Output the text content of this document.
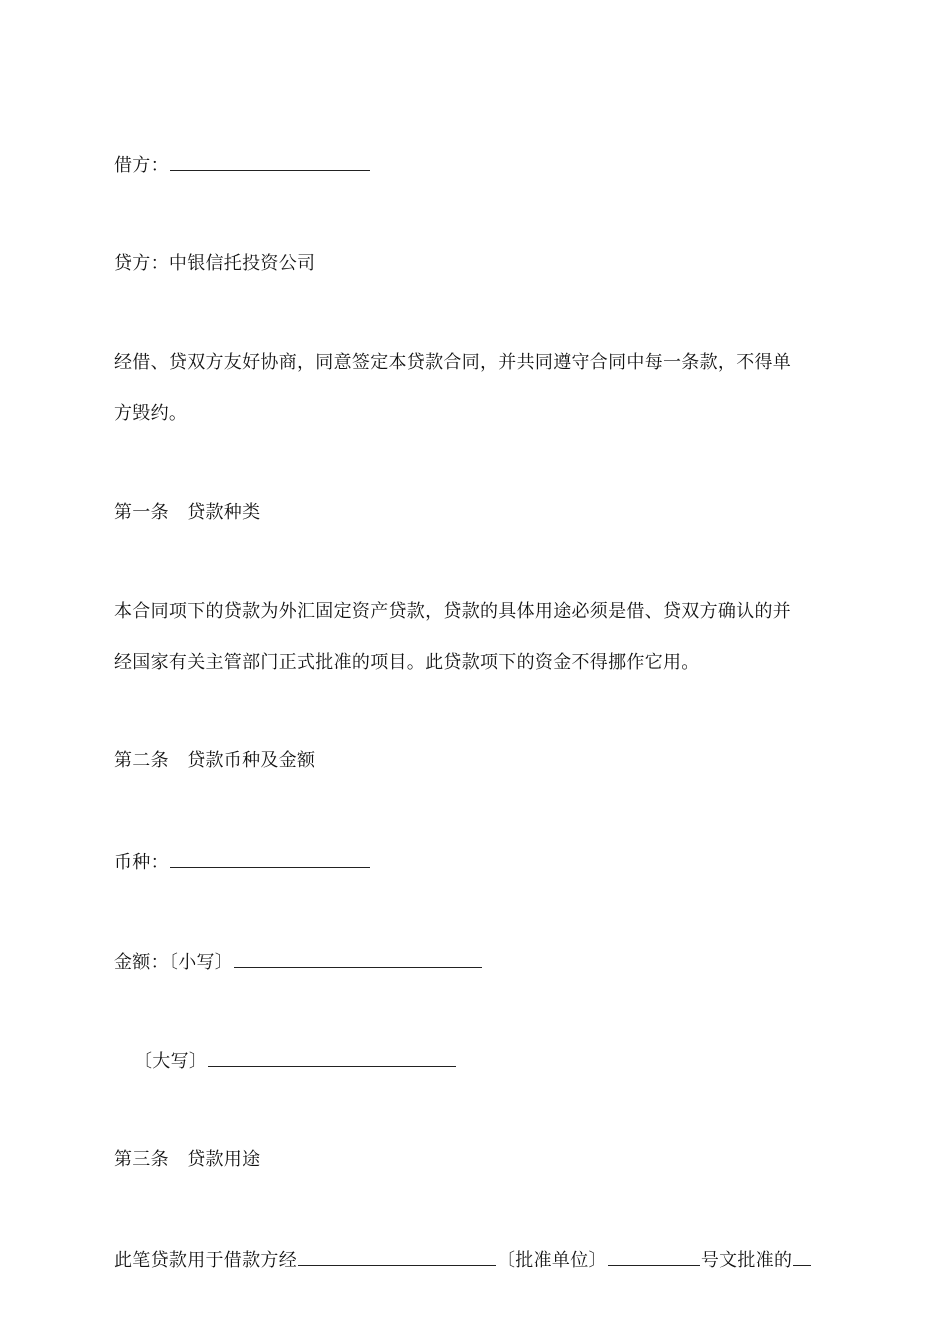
借方：
贷方：中银信托投资公司
经借、贷双方友好协商，同意签定本贷款合同，并共同遵守合同中每一条款，不得单
方毁约。
第一条　贷款种类
本合同项下的贷款为外汇固定资产贷款，贷款的具体用途必须是借、贷双方确认的并
经国家有关主管部门正式批准的项目。此贷款项下的资金不得挪作它用。
第二条　贷款币种及金额
币种：
金额：〔小写〕
〔大写〕
第三条　贷款用途
此笔贷款用于借款方经	〔批准单位〕	号文批准的
